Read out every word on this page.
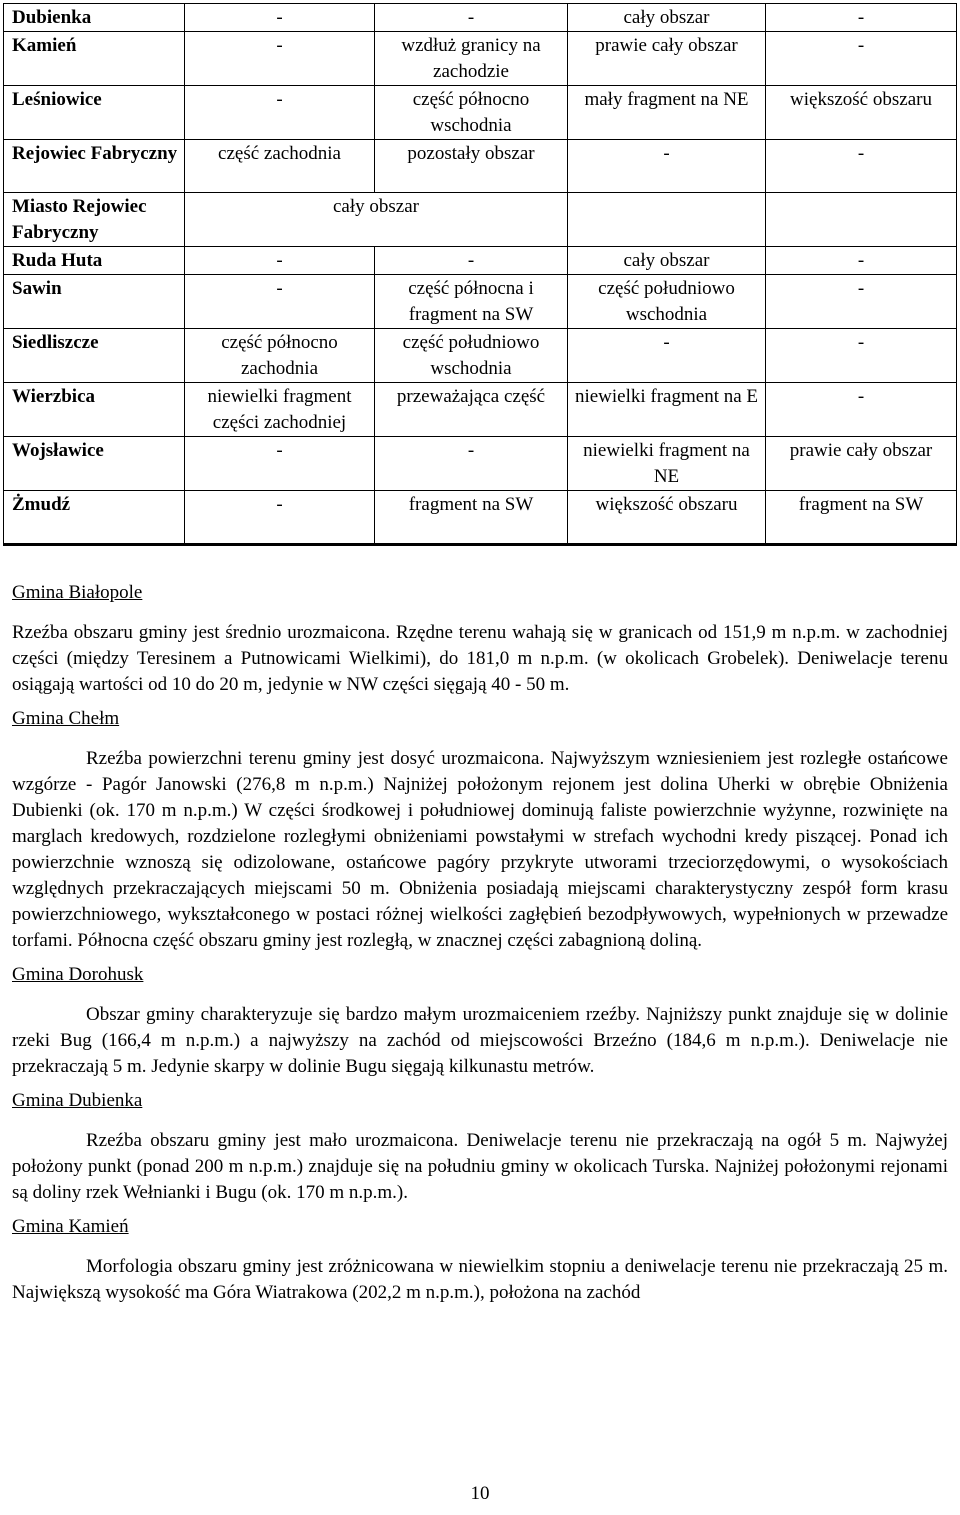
Dubienka	-	-	cały obszar	-
Kamień	-	wzdłuż granicy na zachodzie	prawie cały obszar	-
Leśniowice	-	część północno wschodnia	mały fragment na NE	większość obszaru
Rejowiec Fabryczny	część zachodnia	pozostały obszar	-	-
Miasto Rejowiec Fabryczny	cały obszar			
Ruda Huta	-	-	cały obszar	-
Sawin	-	część północna i fragment na SW	część południowo wschodnia	-
Siedliszcze	część północno zachodnia	część południowo wschodnia	-	-
Wierzbica	niewielki fragment części zachodniej	przeważająca część	niewielki fragment na E	-
Wojsławice	-	-	niewielki fragment na NE	prawie cały obszar
Żmudź	-	fragment na SW	większość obszaru	fragment na SW
Gmina Białopole

Rzeźba obszaru gminy jest średnio urozmaicona. Rzędne terenu wahają się w granicach od 151,9 m n.p.m. w zachodniej części (między Teresinem a Putnowicami Wielkimi), do 181,0 m n.p.m. (w okolicach Grobelek). Deniwelacje terenu osiągają wartości od 10 do 20 m, jedynie w NW części sięgają 40 - 50 m.

Gmina Chełm

Rzeźba powierzchni terenu gminy jest dosyć urozmaicona. Najwyższym wzniesieniem jest rozległe ostańcowe wzgórze - Pagór Janowski (276,8 m n.p.m.) Najniżej położonym rejonem jest dolina Uherki w obrębie Obniżenia Dubienki (ok. 170 m n.p.m.) W części środkowej i południowej dominują faliste powierzchnie wyżynne, rozwinięte na marglach kredowych, rozdzielone rozległymi obniżeniami powstałymi w strefach wychodni kredy piszącej. Ponad ich powierzchnie wznoszą się odizolowane, ostańcowe pagóry przykryte utworami trzeciorzędowymi, o wysokościach względnych przekraczających miejscami 50 m. Obniżenia posiadają miejscami charakterystyczny zespół form krasu powierzchniowego, wykształconego w postaci różnej wielkości zagłębień bezodpływowych, wypełnionych w przewadze torfami. Północna część obszaru gminy jest rozległą, w znacznej części zabagnioną doliną.

Gmina Dorohusk

Obszar gminy charakteryzuje się bardzo małym urozmaiceniem rzeźby. Najniższy punkt znajduje się w dolinie rzeki Bug (166,4 m n.p.m.) a najwyższy na zachód od miejscowości Brzeźno (184,6 m n.p.m.). Deniwelacje nie przekraczają 5 m. Jedynie skarpy w dolinie Bugu sięgają kilkunastu metrów.

Gmina Dubienka

Rzeźba obszaru gminy jest mało urozmaicona. Deniwelacje terenu nie przekraczają na ogół 5 m. Najwyżej położony punkt (ponad 200 m n.p.m.) znajduje się na południu gminy w okolicach Turska. Najniżej położonymi rejonami są doliny rzek Wełnianki i Bugu (ok. 170 m n.p.m.).

Gmina Kamień

Morfologia obszaru gminy jest zróżnicowana w niewielkim stopniu a deniwelacje terenu nie przekraczają 25 m. Największą wysokość ma Góra Wiatrakowa (202,2 m n.p.m.), położona na zachód

10
